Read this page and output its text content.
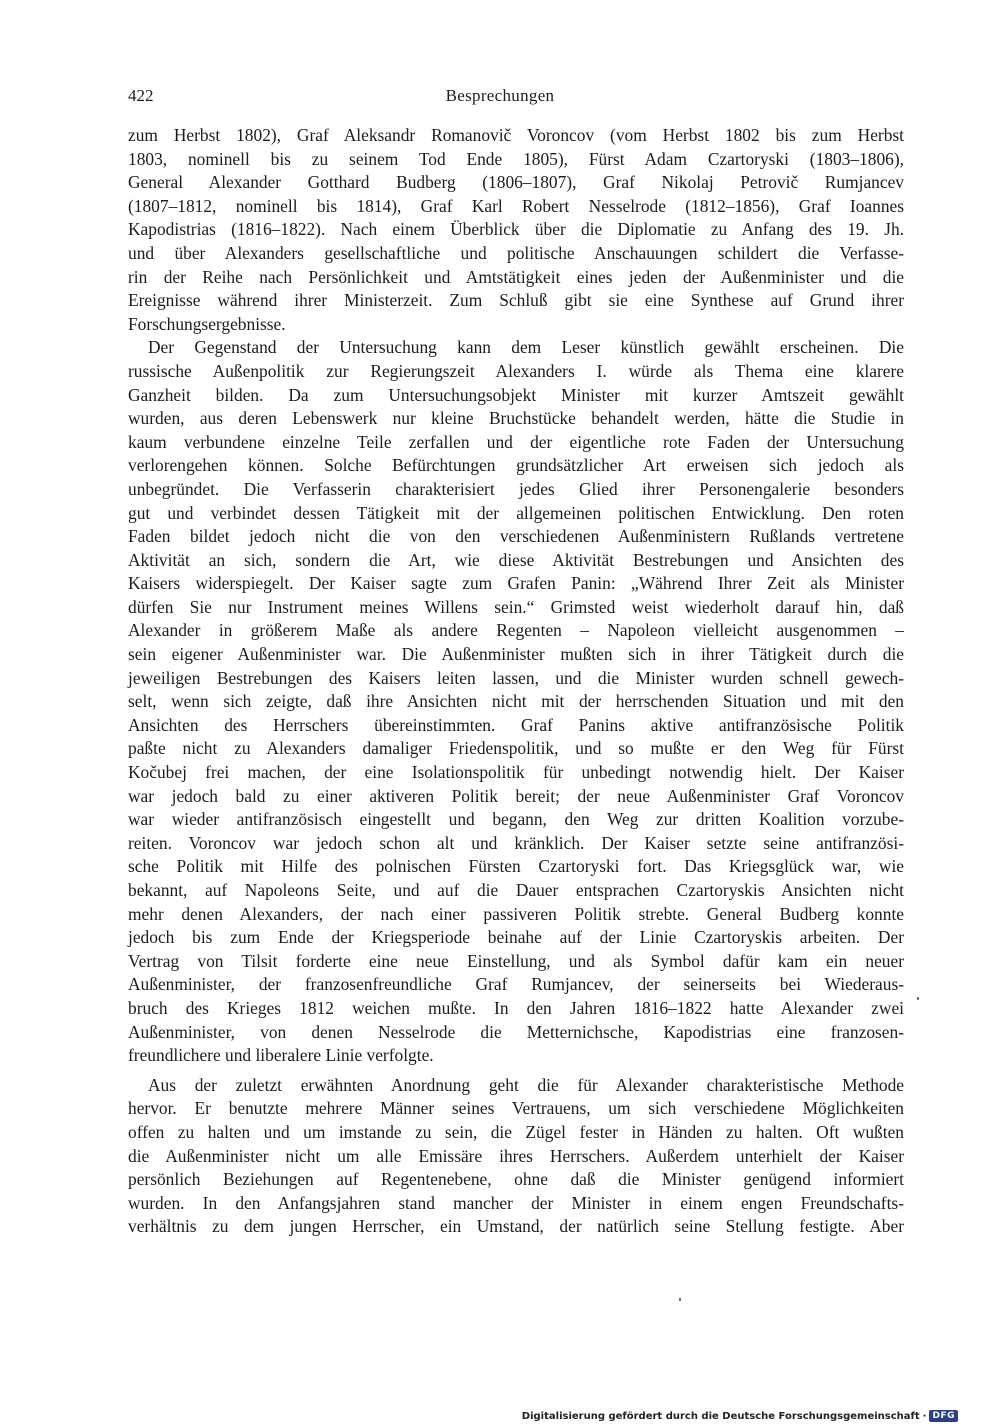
422	Besprechungen

zum Herbst 1802), Graf Aleksandr Romanovič Voroncov (vom Herbst 1802 bis zum Herbst
1803, nominell bis zu seinem Tod Ende 1805), Fürst Adam Czartoryski (1803–1806),
General Alexander Gotthard Budberg (1806–1807), Graf Nikolaj Petrovič Rumjancev
(1807–1812, nominell bis 1814), Graf Karl Robert Nesselrode (1812–1856), Graf Ioannes
Kapodistrias (1816–1822). Nach einem Überblick über die Diplomatie zu Anfang des 19. Jh.
und über Alexanders gesellschaftliche und politische Anschauungen schildert die Verfasse-
rin der Reihe nach Persönlichkeit und Amtstätigkeit eines jeden der Außenminister und die
Ereignisse während ihrer Ministerzeit. Zum Schluß gibt sie eine Synthese auf Grund ihrer
Forschungsergebnisse.

Der Gegenstand der Untersuchung kann dem Leser künstlich gewählt erscheinen. Die
russische Außenpolitik zur Regierungszeit Alexanders I. würde als Thema eine klarere
Ganzheit bilden. Da zum Untersuchungsobjekt Minister mit kurzer Amtszeit gewählt
wurden, aus deren Lebenswerk nur kleine Bruchstücke behandelt werden, hätte die Studie in
kaum verbundene einzelne Teile zerfallen und der eigentliche rote Faden der Untersuchung
verlorengehen können. Solche Befürchtungen grundsätzlicher Art erweisen sich jedoch als
unbegründet. Die Verfasserin charakterisiert jedes Glied ihrer Personengalerie besonders
gut und verbindet dessen Tätigkeit mit der allgemeinen politischen Entwicklung. Den roten
Faden bildet jedoch nicht die von den verschiedenen Außenministern Rußlands vertretene
Aktivität an sich, sondern die Art, wie diese Aktivität Bestrebungen und Ansichten des
Kaisers widerspiegelt. Der Kaiser sagte zum Grafen Panin: „Während Ihrer Zeit als Minister
dürfen Sie nur Instrument meines Willens sein.“ Grimsted weist wiederholt darauf hin, daß
Alexander in größerem Maße als andere Regenten – Napoleon vielleicht ausgenommen –
sein eigener Außenminister war. Die Außenminister mußten sich in ihrer Tätigkeit durch die
jeweiligen Bestrebungen des Kaisers leiten lassen, und die Minister wurden schnell gewech-
selt, wenn sich zeigte, daß ihre Ansichten nicht mit der herrschenden Situation und mit den
Ansichten des Herrschers übereinstimmten. Graf Panins aktive antifranzösische Politik
paßte nicht zu Alexanders damaliger Friedenspolitik, und so mußte er den Weg für Fürst
Kočubej frei machen, der eine Isolationspolitik für unbedingt notwendig hielt. Der Kaiser
war jedoch bald zu einer aktiveren Politik bereit; der neue Außenminister Graf Voroncov
war wieder antifranzösisch eingestellt und begann, den Weg zur dritten Koalition vorzube-
reiten. Voroncov war jedoch schon alt und kränklich. Der Kaiser setzte seine antifranzösi-
sche Politik mit Hilfe des polnischen Fürsten Czartoryski fort. Das Kriegsglück war, wie
bekannt, auf Napoleons Seite, und auf die Dauer entsprachen Czartoryskis Ansichten nicht
mehr denen Alexanders, der nach einer passiveren Politik strebte. General Budberg konnte
jedoch bis zum Ende der Kriegsperiode beinahe auf der Linie Czartoryskis arbeiten. Der
Vertrag von Tilsit forderte eine neue Einstellung, und als Symbol dafür kam ein neuer
Außenminister, der franzosenfreundliche Graf Rumjancev, der seinerseits bei Wiederaus-
bruch des Krieges 1812 weichen mußte. In den Jahren 1816–1822 hatte Alexander zwei
Außenminister, von denen Nesselrode die Metternichsche, Kapodistrias eine franzosen-
freundlichere und liberalere Linie verfolgte.

Aus der zuletzt erwähnten Anordnung geht die für Alexander charakteristische Methode
hervor. Er benutzte mehrere Männer seines Vertrauens, um sich verschiedene Möglichkeiten
offen zu halten und um imstande zu sein, die Zügel fester in Händen zu halten. Oft wußten
die Außenminister nicht um alle Emissäre ihres Herrschers. Außerdem unterhielt der Kaiser
persönlich Beziehungen auf Regentenebene, ohne daß die Minister genügend informiert
wurden. In den Anfangsjahren stand mancher der Minister in einem engen Freundschafts-
verhältnis zu dem jungen Herrscher, ein Umstand, der natürlich seine Stellung festigte. Aber

Digitalisierung gefördert durch die Deutsche Forschungsgemeinschaft · DFG
